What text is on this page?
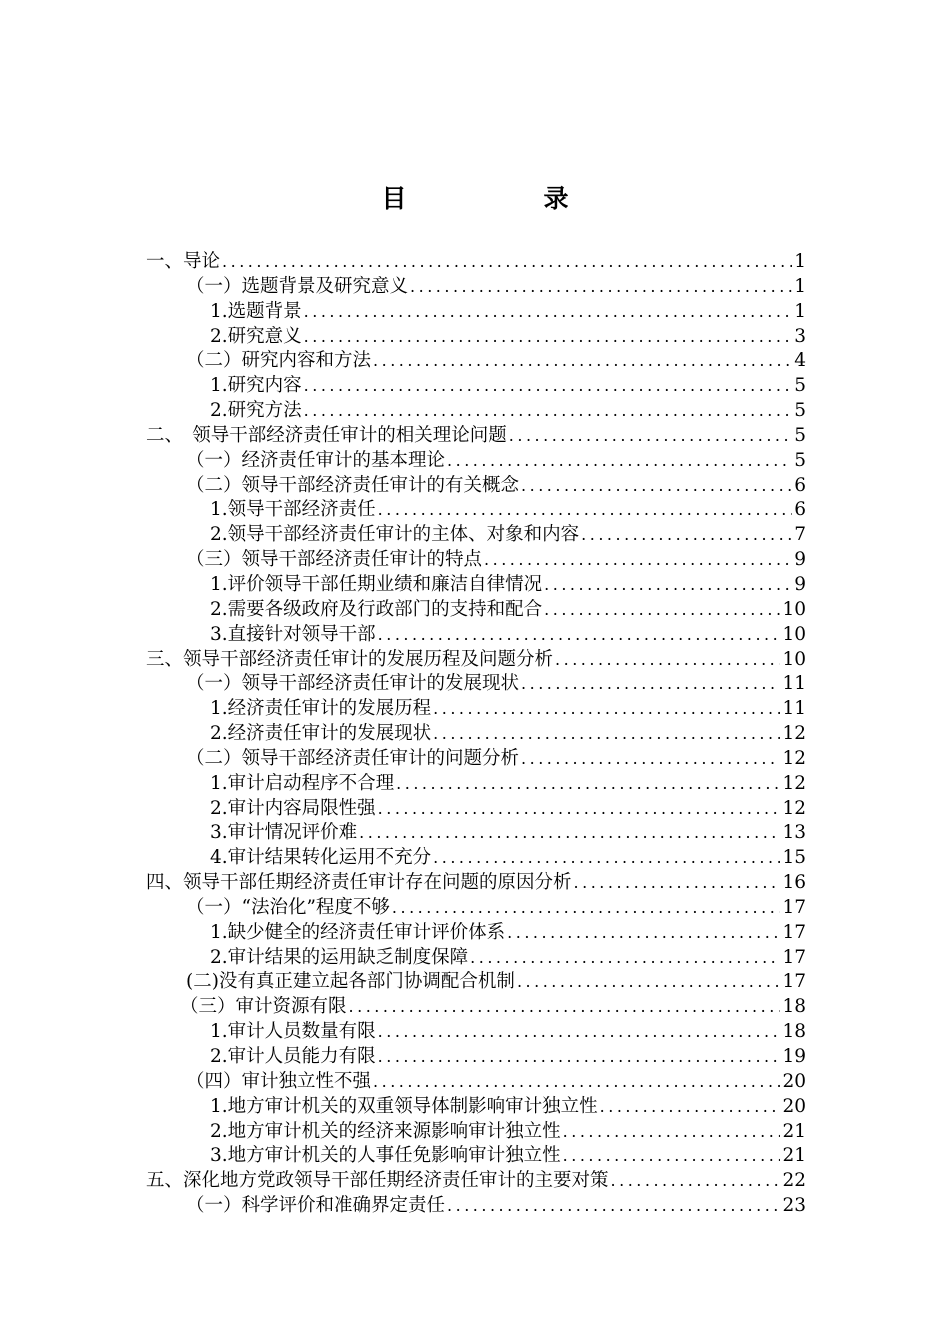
目　录
一、导论 .....	1
（一）选题背景及研究意义 .....	1
1.选题背景 .....	1
2.研究意义 .....	3
（二）研究内容和方法 .....	4
1.研究内容 .....	5
2.研究方法 .....	5
二、　领导干部经济责任审计的相关理论问题 .....	5
（一）经济责任审计的基本理论 .....	5
（二）领导干部经济责任审计的有关概念 .....	6
1.领导干部经济责任 .....	6
2.领导干部经济责任审计的主体、对象和内容 .....	7
（三）领导干部经济责任审计的特点 .....	9
1.评价领导干部任期业绩和廉洁自律情况 .....	9
2.需要各级政府及行政部门的支持和配合 .....	10
3.直接针对领导干部 .....	10
三、领导干部经济责任审计的发展历程及问题分析 .....	10
（一）领导干部经济责任审计的发展现状 .....	11
1.经济责任审计的发展历程 .....	11
2.经济责任审计的发展现状 .....	12
（二）领导干部经济责任审计的问题分析 .....	12
1.审计启动程序不合理 .....	12
2.审计内容局限性强 .....	12
3.审计情况评价难 .....	13
4.审计结果转化运用不充分 .....	15
四、领导干部任期经济责任审计存在问题的原因分析 .....	16
（一）“法治化”程度不够 .....	17
1.缺少健全的经济责任审计评价体系 .....	17
2.审计结果的运用缺乏制度保障 .....	17
(二)没有真正建立起各部门协调配合机制 .....	17
（三）审计资源有限 .....	18
1.审计人员数量有限 .....	18
2.审计人员能力有限 .....	19
（四）审计独立性不强 .....	20
1.地方审计机关的双重领导体制影响审计独立性 .....	20
2.地方审计机关的经济来源影响审计独立性 .....	21
3.地方审计机关的人事任免影响审计独立性 .....	21
五、深化地方党政领导干部任期经济责任审计的主要对策 .....	22
（一）科学评价和准确界定责任 .....	23
